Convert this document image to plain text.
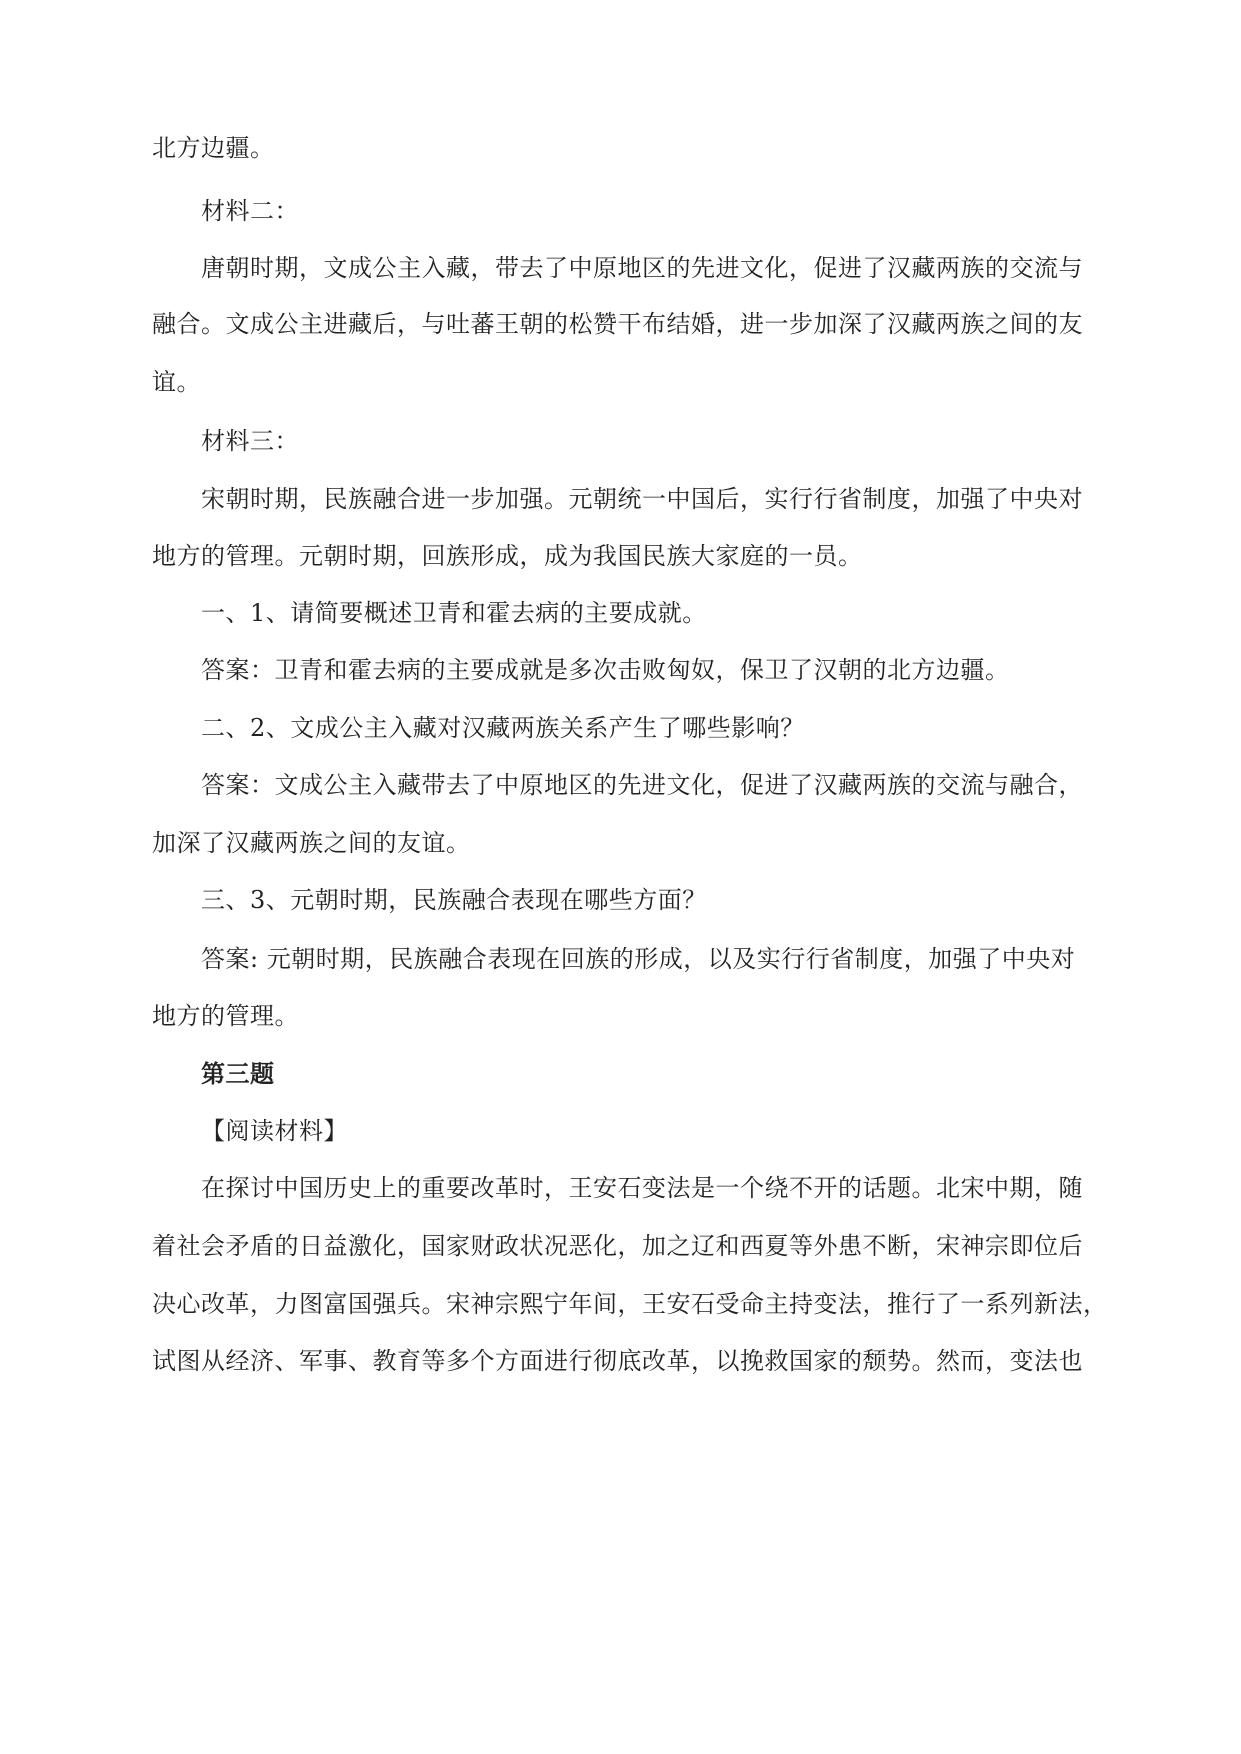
北方边疆。
材料二：
唐朝时期，文成公主入藏，带去了中原地区的先进文化，促进了汉藏两族的交流与
融合。文成公主进藏后，与吐蕃王朝的松赞干布结婚，进一步加深了汉藏两族之间的友
谊。
材料三：
宋朝时期，民族融合进一步加强。元朝统一中国后，实行行省制度，加强了中央对
地方的管理。元朝时期，回族形成，成为我国民族大家庭的一员。
一、1、请简要概述卫青和霍去病的主要成就。
答案：卫青和霍去病的主要成就是多次击败匈奴，保卫了汉朝的北方边疆。
二、2、文成公主入藏对汉藏两族关系产生了哪些影响？
答案：文成公主入藏带去了中原地区的先进文化，促进了汉藏两族的交流与融合，
加深了汉藏两族之间的友谊。
三、3、元朝时期，民族融合表现在哪些方面？
答案: 元朝时期，民族融合表现在回族的形成，以及实行行省制度，加强了中央对
地方的管理。
第三题
【阅读材料】
在探讨中国历史上的重要改革时，王安石变法是一个绕不开的话题。北宋中期，随
着社会矛盾的日益激化，国家财政状况恶化，加之辽和西夏等外患不断，宋神宗即位后
决心改革，力图富国强兵。宋神宗熙宁年间，王安石受命主持变法，推行了一系列新法，
试图从经济、军事、教育等多个方面进行彻底改革，以挽救国家的颓势。然而，变法也
